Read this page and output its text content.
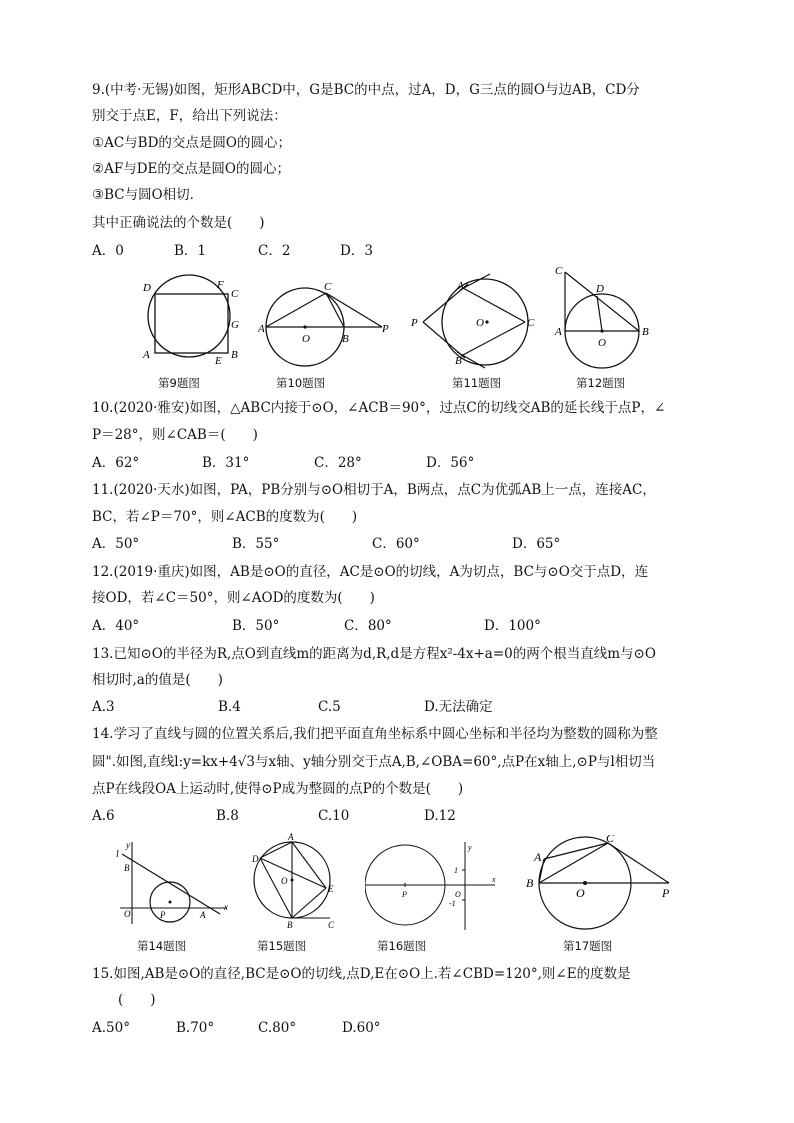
9.(中考·无锡)如图，矩形ABCD中，G是BC的中点，过A，D，G三点的圆O与边AB，CD分
别交于点E，F，给出下列说法：
①AC与BD的交点是圆O的圆心；
②AF与DE的交点是圆O的圆心；
③BC与圆O相切．
其中正确说法的个数是(　　)
A．0	B．1	C．2	D．3
D	F
C
G
A	E B
C
A
O	B
P
A
P	O	C
B
C
D
A
O
B
第9题图	第10题图	第11题图	第12题图
10.(2020·雅安)如图，△ABC内接于⊙O，∠ACB＝90°，过点C的切线交AB的延长线于点P，∠
P＝28°，则∠CAB＝(　　)
A．62°	B．31°	C．28°	D．56°
11.(2020·天水)如图，PA，PB分别与⊙O相切于A，B两点，点C为优弧AB上一点，连接AC，
BC，若∠P＝70°，则∠ACB的度数为(　　)
A．50°	B．55°	C．60°	D．65°
12.(2019·重庆)如图，AB是⊙O的直径，AC是⊙O的切线，A为切点，BC与⊙O交于点D，连
接OD，若∠C＝50°，则∠AOD的度数为(　　)
A．40°	B．50°	C．80°	D．100°
13.已知⊙O的半径为R,点O到直线m的距离为d,R,d是方程x²-4x+a=0的两个根当直线m与⊙O
相切时,a的值是(　　)
A.3	B.4	C.5	D.无法确定
14.学习了直线与圆的位置关系后,我们把平面直角坐标系中圆心坐标和半径均为整数的圆称为整
圆".如图,直线l:y=kx+4√3与x轴、y轴分别交于点A,B,∠OBA=60°,点P在x轴上,⊙P与l相切当
点P在线段OA上运动时,使得⊙P成为整圆的点P的个数是(　　)
A.6	B.8	C.10	D.12
y
l
B
O	P	A
x
A
D
O
E
B	C
y
1
P	O
-1
x
C
A
B
O	P
第14题图	第15题图	第16题图	第17题图
15.如图,AB是⊙O的直径,BC是⊙O的切线,点D,E在⊙O上.若∠CBD=120°,则∠E的度数是
(　　)
A.50°	B.70°	C.80°	D.60°
